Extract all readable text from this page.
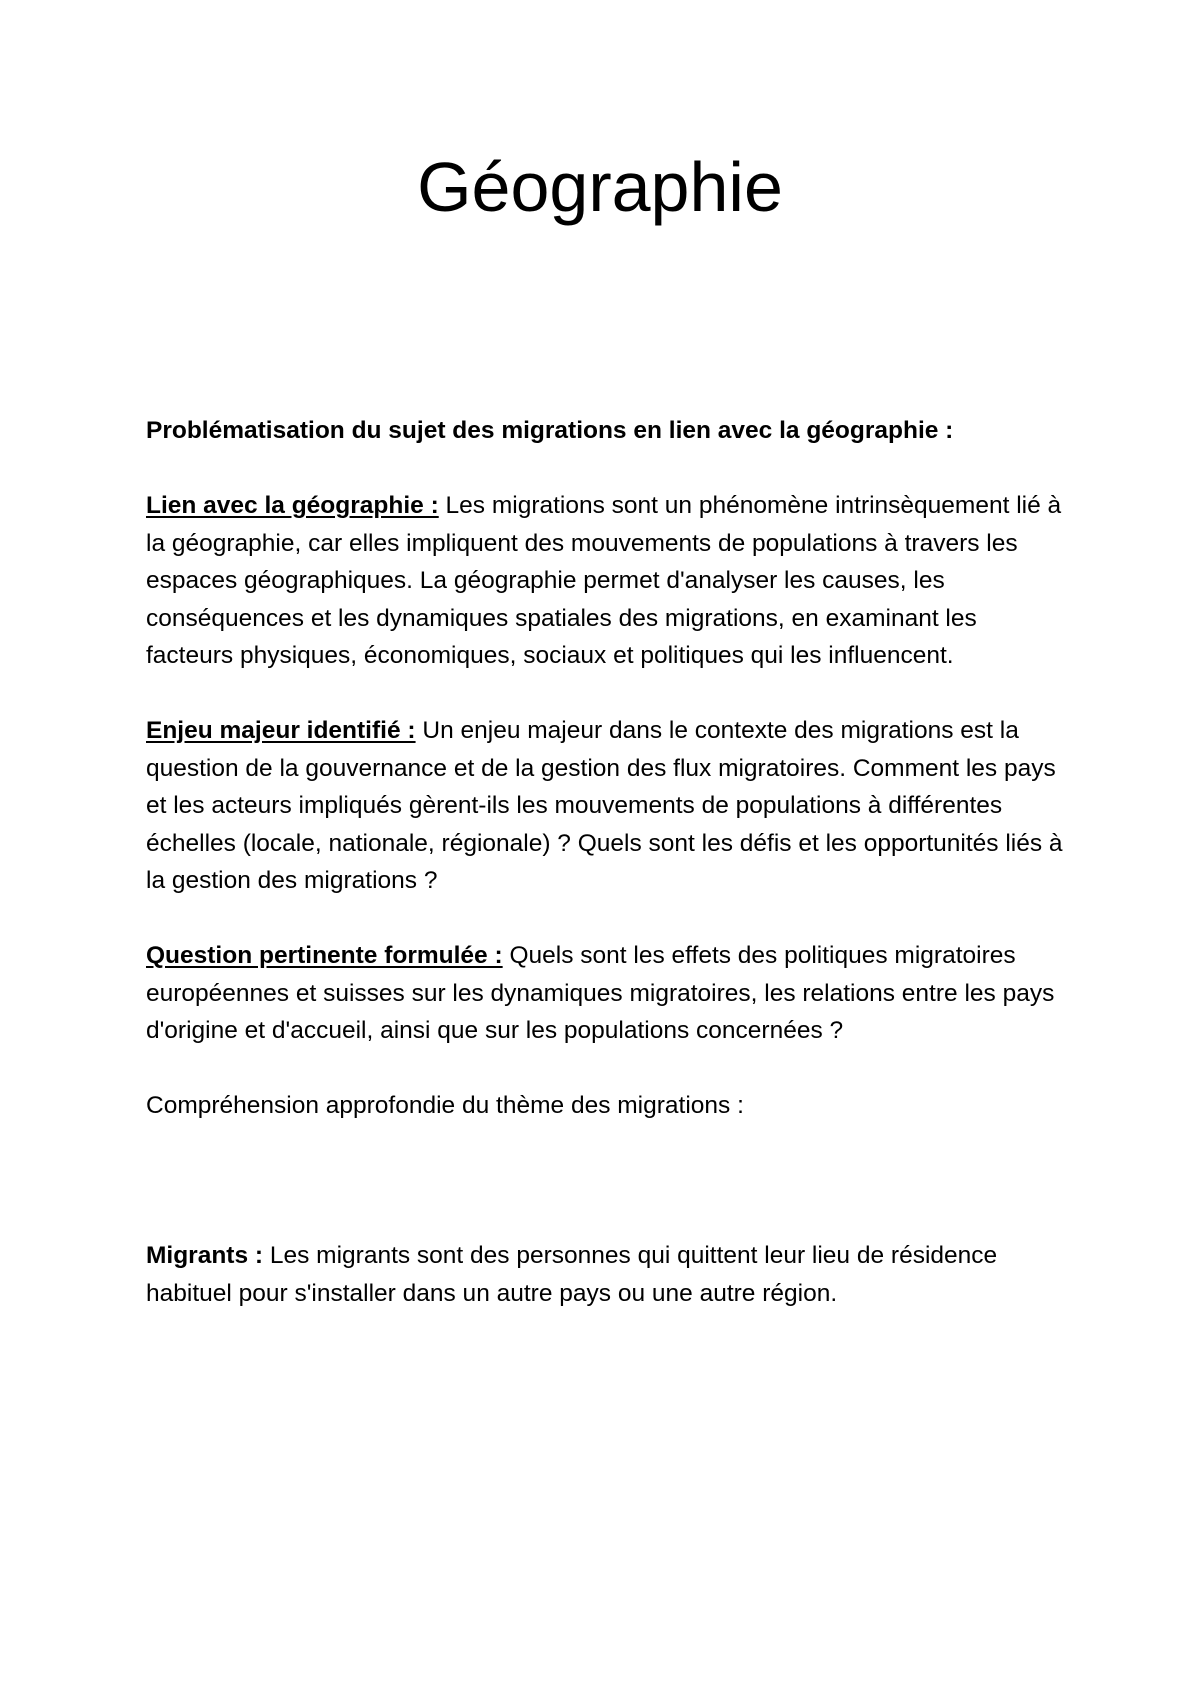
Géographie

Problématisation du sujet des migrations en lien avec la géographie :

Lien avec la géographie : Les migrations sont un phénomène intrinsèquement lié à la géographie, car elles impliquent des mouvements de populations à travers les espaces géographiques. La géographie permet d'analyser les causes, les conséquences et les dynamiques spatiales des migrations, en examinant les facteurs physiques, économiques, sociaux et politiques qui les influencent.

Enjeu majeur identifié : Un enjeu majeur dans le contexte des migrations est la question de la gouvernance et de la gestion des flux migratoires. Comment les pays et les acteurs impliqués gèrent-ils les mouvements de populations à différentes échelles (locale, nationale, régionale) ? Quels sont les défis et les opportunités liés à la gestion des migrations ?

Question pertinente formulée : Quels sont les effets des politiques migratoires européennes et suisses sur les dynamiques migratoires, les relations entre les pays d'origine et d'accueil, ainsi que sur les populations concernées ?

Compréhension approfondie du thème des migrations :

Migrants : Les migrants sont des personnes qui quittent leur lieu de résidence habituel pour s'installer dans un autre pays ou une autre région.
